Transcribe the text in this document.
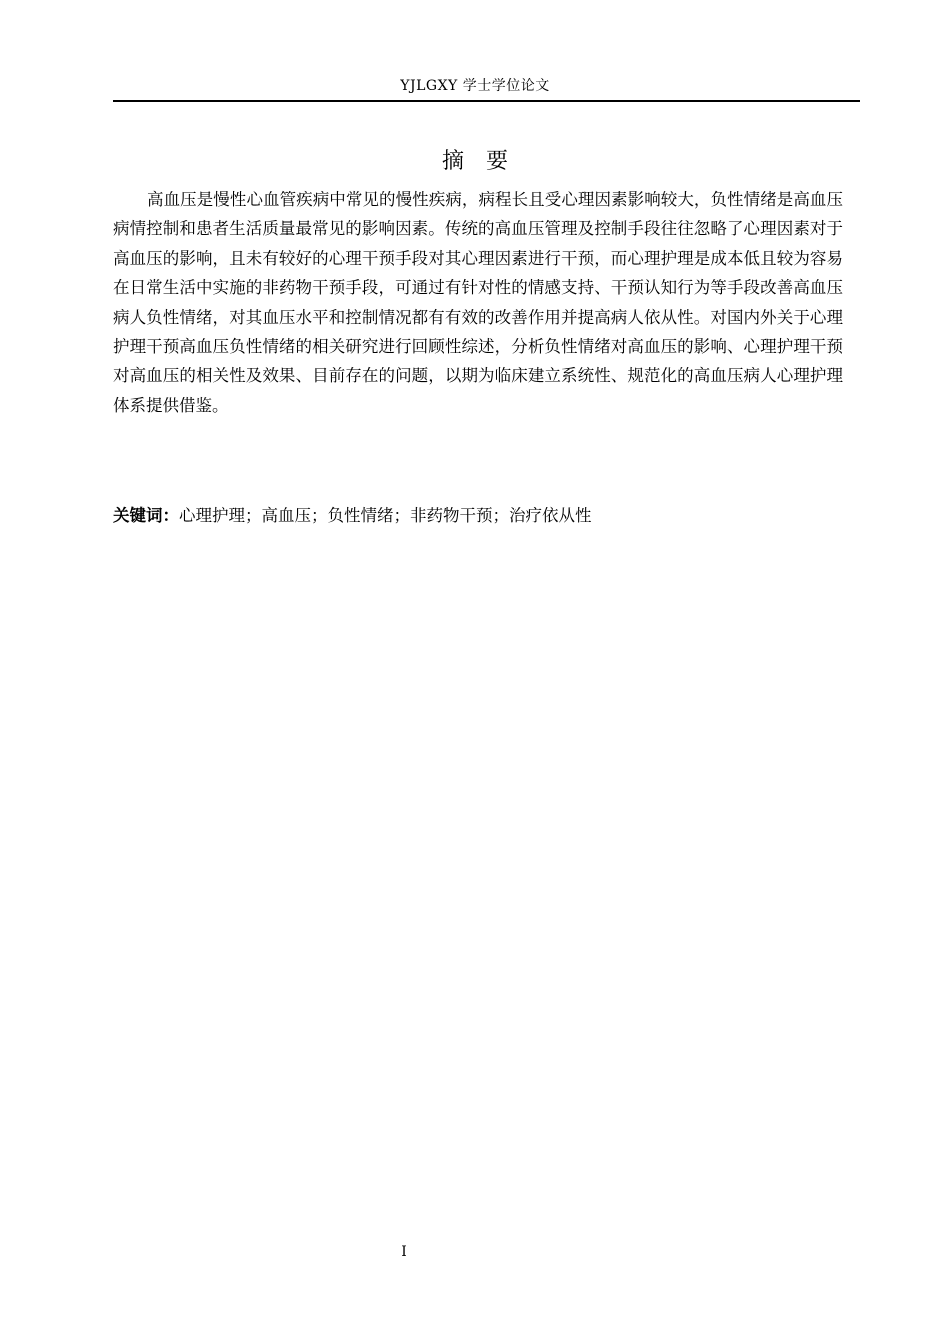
YJLGXY 学士学位论文
摘　要

高血压是慢性心血管疾病中常见的慢性疾病，病程长且受心理因素影响较大，负性情绪是高血压病情控制和患者生活质量最常见的影响因素。传统的高血压管理及控制手段往往忽略了心理因素对于高血压的影响，且未有较好的心理干预手段对其心理因素进行干预，而心理护理是成本低且较为容易在日常生活中实施的非药物干预手段，可通过有针对性的情感支持、干预认知行为等手段改善高血压病人负性情绪，对其血压水平和控制情况都有有效的改善作用并提高病人依从性。对国内外关于心理护理干预高血压负性情绪的相关研究进行回顾性综述，分析负性情绪对高血压的影响、心理护理干预对高血压的相关性及效果、目前存在的问题，以期为临床建立系统性、规范化的高血压病人心理护理体系提供借鉴。

关键词：心理护理；高血压；负性情绪；非药物干预；治疗依从性
I
